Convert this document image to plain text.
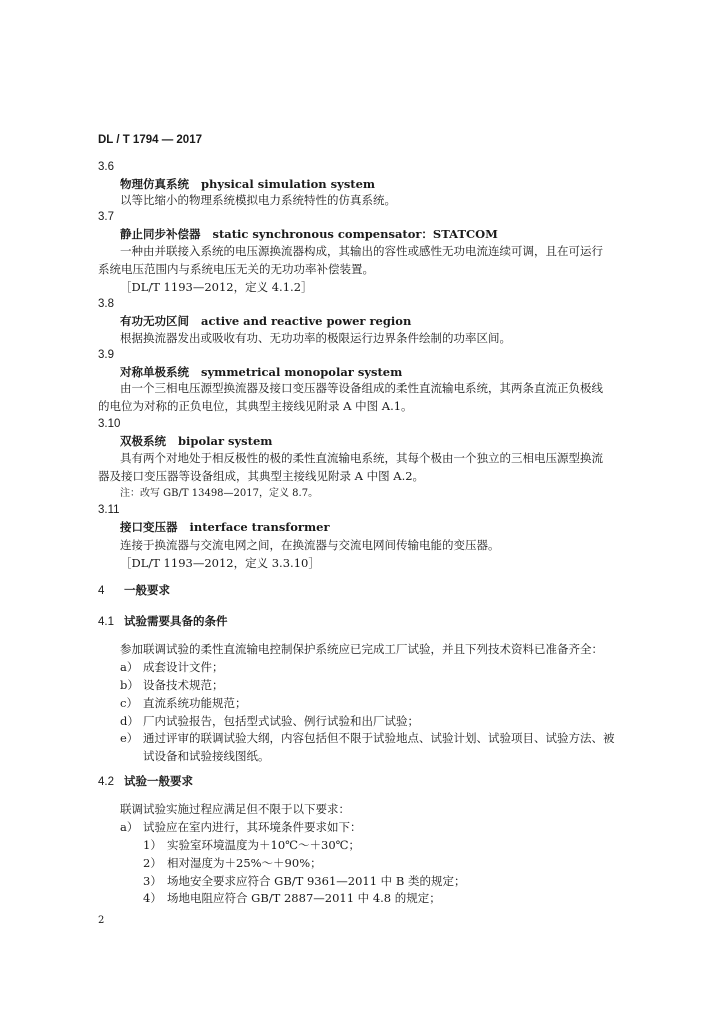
DL / T 1794 — 2017
3.6
物理仿真系统 physical simulation system
以等比缩小的物理系统模拟电力系统特性的仿真系统。
3.7
静止同步补偿器 static synchronous compensator：STATCOM
一种由并联接入系统的电压源换流器构成，其输出的容性或感性无功电流连续可调，且在可运行
系统电压范围内与系统电压无关的无功功率补偿装置。
［DL/T 1193—2012，定义 4.1.2］
3.8
有功无功区间 active and reactive power region
根据换流器发出或吸收有功、无功功率的极限运行边界条件绘制的功率区间。
3.9
对称单极系统 symmetrical monopolar system
由一个三相电压源型换流器及接口变压器等设备组成的柔性直流输电系统，其两条直流正负极线
的电位为对称的正负电位，其典型主接线见附录 A 中图 A.1。
3.10
双极系统 bipolar system
具有两个对地处于相反极性的极的柔性直流输电系统，其每个极由一个独立的三相电压源型换流
器及接口变压器等设备组成，其典型主接线见附录 A 中图 A.2。
注：改写 GB/T 13498—2017，定义 8.7。
3.11
接口变压器 interface transformer
连接于换流器与交流电网之间，在换流器与交流电网间传输电能的变压器。
［DL/T 1193—2012，定义 3.3.10］
4 一般要求
4.1 试验需要具备的条件
参加联调试验的柔性直流输电控制保护系统应已完成工厂试验，并且下列技术资料已准备齐全：
a） 成套设计文件；
b） 设备技术规范；
c） 直流系统功能规范；
d） 厂内试验报告，包括型式试验、例行试验和出厂试验；
e） 通过评审的联调试验大纲，内容包括但不限于试验地点、试验计划、试验项目、试验方法、被
试设备和试验接线图纸。
4.2 试验一般要求
联调试验实施过程应满足但不限于以下要求：
a） 试验应在室内进行，其环境条件要求如下：
1） 实验室环境温度为＋10℃～＋30℃；
2） 相对湿度为＋25%～＋90%；
3） 场地安全要求应符合 GB/T 9361—2011 中 B 类的规定；
4） 场地电阻应符合 GB/T 2887—2011 中 4.8 的规定；
2
